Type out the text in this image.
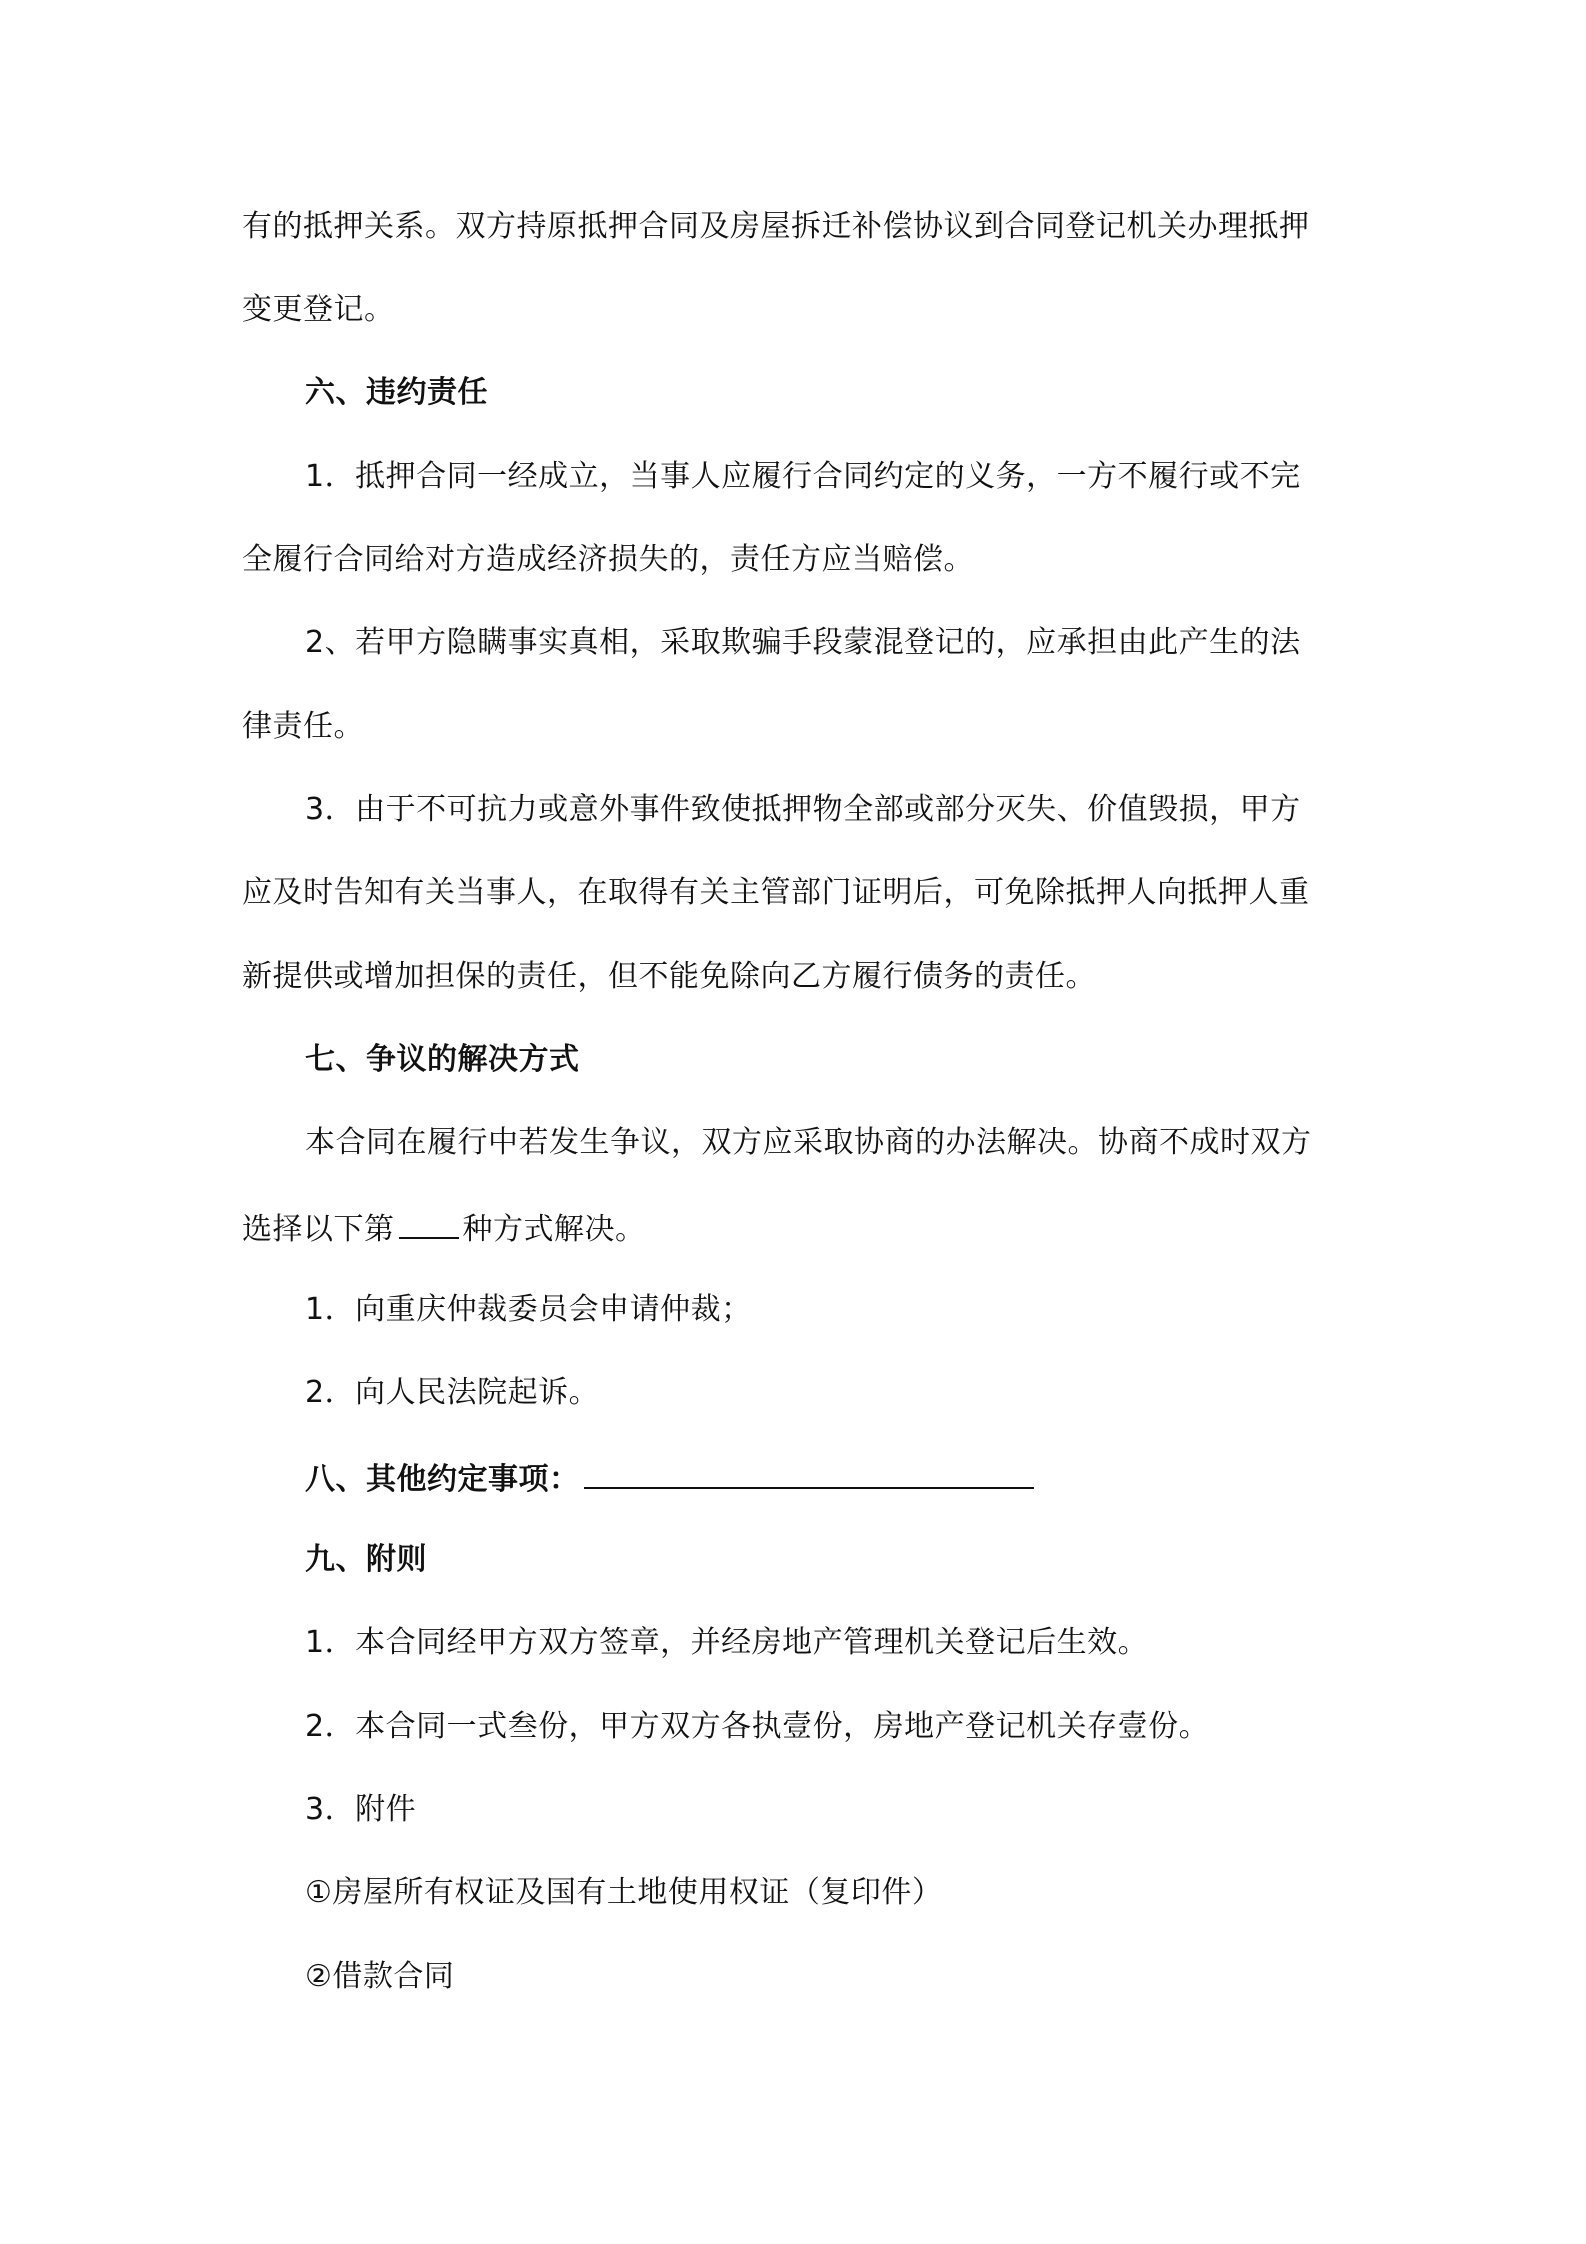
有的抵押关系。双方持原抵押合同及房屋拆迁补偿协议到合同登记机关办理抵押
变更登记。
六、违约责任
1．抵押合同一经成立，当事人应履行合同约定的义务，一方不履行或不完
全履行合同给对方造成经济损失的，责任方应当赔偿。
2、若甲方隐瞒事实真相，采取欺骗手段蒙混登记的，应承担由此产生的法
律责任。
3．由于不可抗力或意外事件致使抵押物全部或部分灭失、价值毁损，甲方
应及时告知有关当事人，在取得有关主管部门证明后，可免除抵押人向抵押人重
新提供或增加担保的责任，但不能免除向乙方履行债务的责任。
七、争议的解决方式
本合同在履行中若发生争议，双方应采取协商的办法解决。协商不成时双方
选择以下第 种方式解决。
1．向重庆仲裁委员会申请仲裁；
2．向人民法院起诉。
八、其他约定事项：
九、附则
1．本合同经甲方双方签章，并经房地产管理机关登记后生效。
2．本合同一式叁份，甲方双方各执壹份，房地产登记机关存壹份。
3．附件
①房屋所有权证及国有土地使用权证（复印件）
②借款合同
